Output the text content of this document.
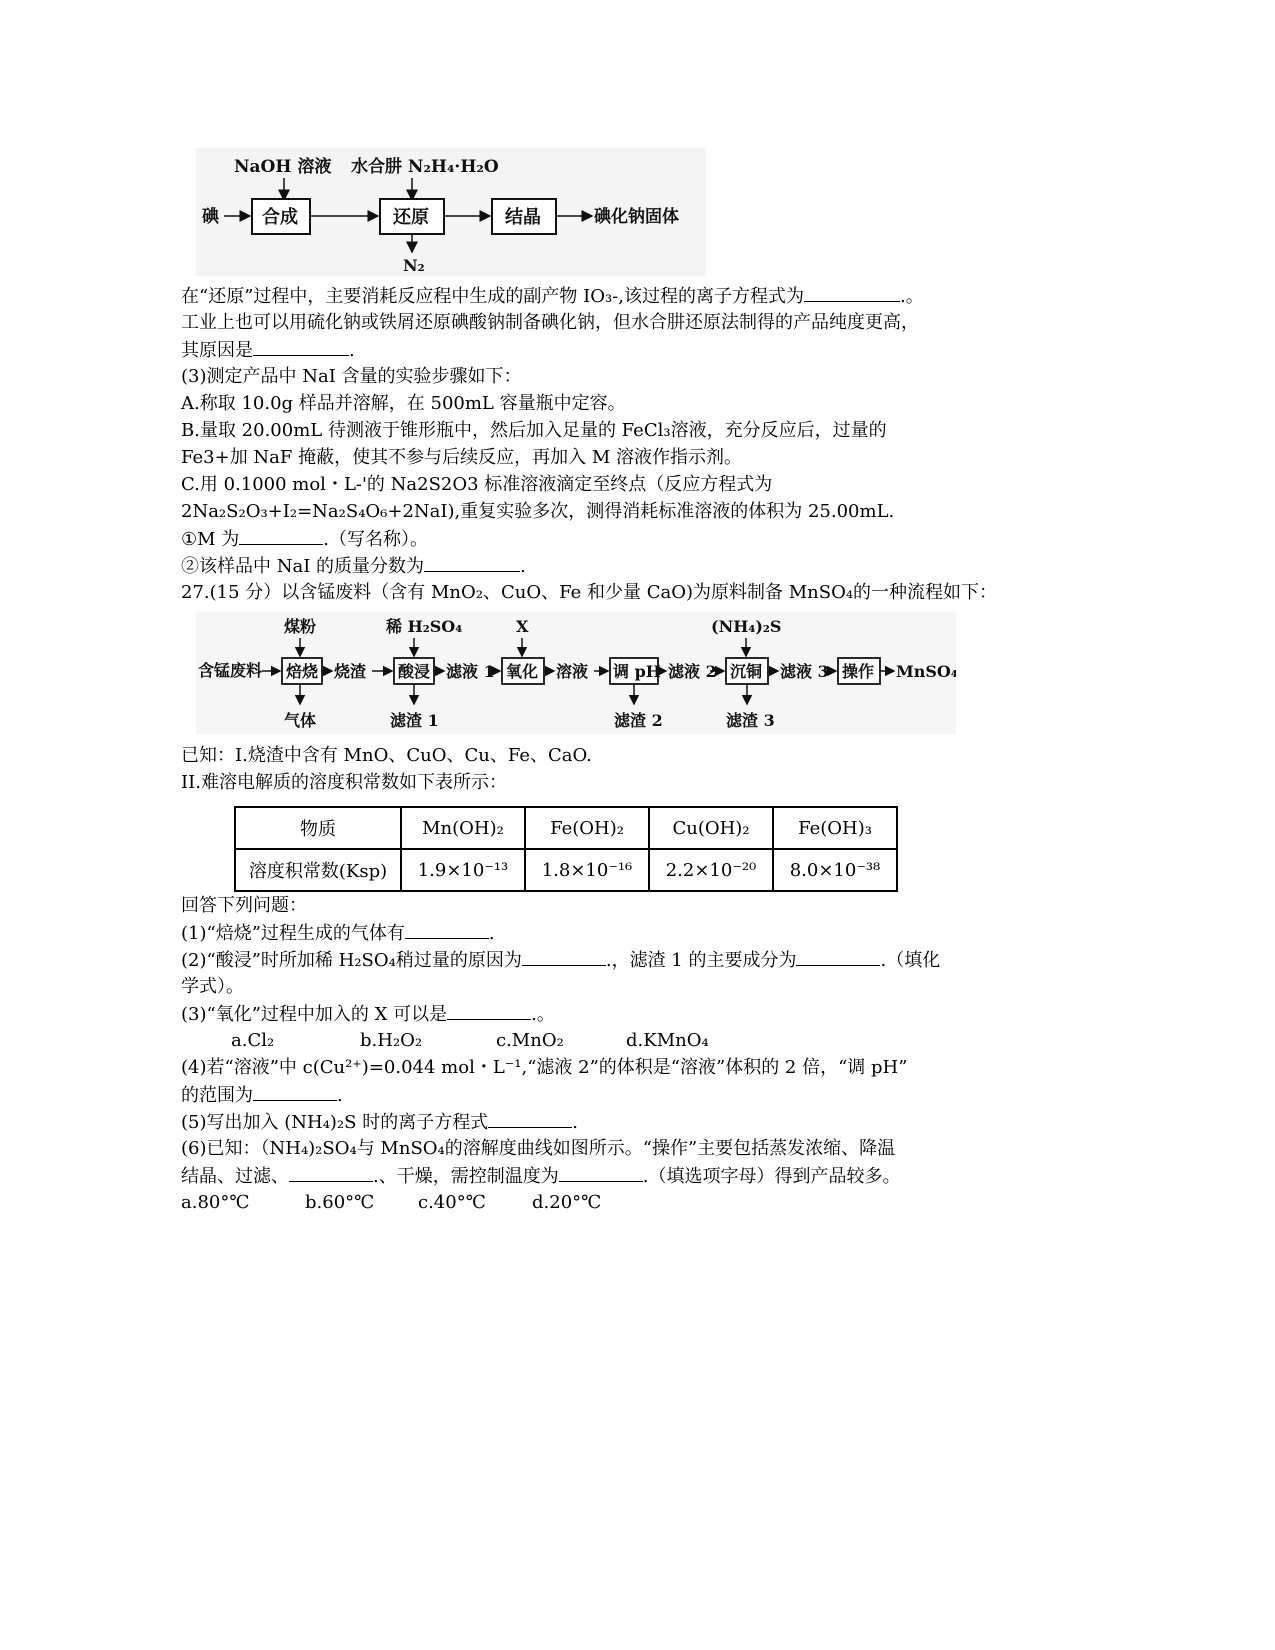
NaOH 溶液 水合肼 N₂H₄·H₂O
碘 合成	还原	结晶	碘化钠固体
N₂
在“还原”过程中，主要消耗反应程中生成的副产物 IO₃-,该过程的离子方程式为	.。
工业上也可以用硫化钠或铁屑还原碘酸钠制备碘化钠，但水合肼还原法制得的产品纯度更高，
其原因是	.
(3)测定产品中 NaI 含量的实验步骤如下：
A.称取 10.0g 样品并溶解，在 500mL 容量瓶中定容。
B.量取 20.00mL 待测液于锥形瓶中，然后加入足量的 FeCl₃溶液，充分反应后，过量的
Fe3+加 NaF 掩蔽，使其不参与后续反应，再加入 M 溶液作指示剂。
C.用 0.1000 mol・L-'的 Na2S2O3 标准溶液滴定至终点（反应方程式为
2Na₂S₂O₃+I₂=Na₂S₄O₆+2NaI),重复实验多次，测得消耗标准溶液的体积为 25.00mL.
①M 为	.（写名称）。
②该样品中 NaI 的质量分数为	.
27.(15 分）以含锰废料（含有 MnO₂、CuO、Fe 和少量 CaO)为原料制备 MnSO₄的一种流程如下：
煤粉	稀 H₂SO₄	X	(NH₄)₂S
含锰废料 焙烧 烧渣 酸浸 滤液 1 氧化 溶液 调 pH 滤液 2 沉铜 滤液 3 操作 MnSO₄
气体	滤渣 1	滤渣 2	滤渣 3
已知：I.烧渣中含有 MnO、CuO、Cu、Fe、CaO.
II.难溶电解质的溶度积常数如下表所示：
物质	Mn(OH)₂	Fe(OH)₂	Cu(OH)₂	Fe(OH)₃
溶度积常数(Ksp)	1.9×10⁻¹³	1.8×10⁻¹⁶	2.2×10⁻²⁰	8.0×10⁻³⁸
回答下列问题：
(1)“焙烧”过程生成的气体有	.
(2)“酸浸”时所加稀 H₂SO₄稍过量的原因为	.，滤渣 1 的主要成分为	.（填化
学式）。
(3)“氧化”过程中加入的 X 可以是	.。
a.Cl₂	b.H₂O₂	c.MnO₂	d.KMnO₄
(4)若“溶液”中 c(Cu²⁺)=0.044 mol・L⁻¹,“滤液 2”的体积是“溶液”体积的 2 倍，“调 pH”
的范围为	.
(5)写出加入 (NH₄)₂S 时的离子方程式	.
(6)已知：（NH₄)₂SO₄与 MnSO₄的溶解度曲线如图所示。“操作”主要包括蒸发浓缩、降温
结晶、过滤、	.、干燥，需控制温度为	.（填选项字母）得到产品较多。
a.80°℃	b.60°℃ c.40°℃	d.20°℃
